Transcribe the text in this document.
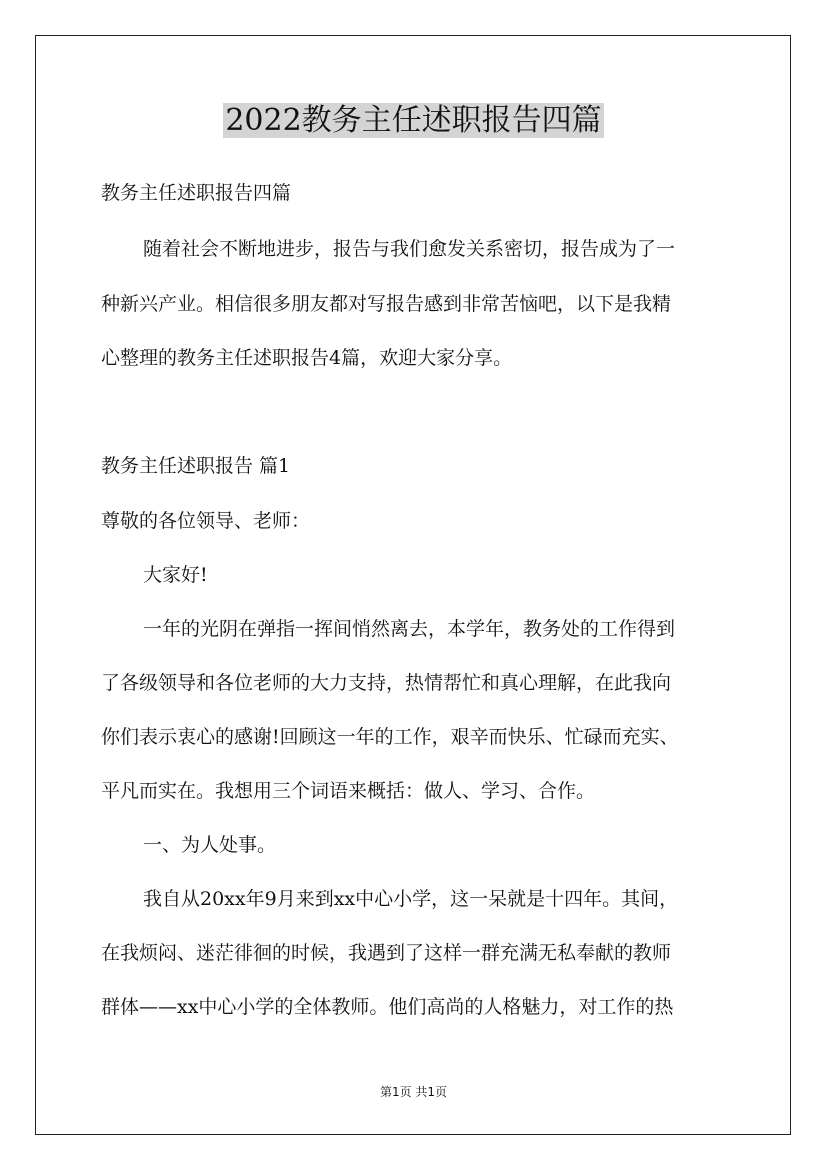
2022教务主任述职报告四篇

教务主任述职报告四篇

随着社会不断地进步，报告与我们愈发关系密切，报告成为了一

种新兴产业。相信很多朋友都对写报告感到非常苦恼吧，以下是我精

心整理的教务主任述职报告4篇，欢迎大家分享。

教务主任述职报告 篇1

尊敬的各位领导、老师：

大家好!

一年的光阴在弹指一挥间悄然离去，本学年，教务处的工作得到

了各级领导和各位老师的大力支持，热情帮忙和真心理解，在此我向

你们表示衷心的感谢!回顾这一年的工作，艰辛而快乐、忙碌而充实、

平凡而实在。我想用三个词语来概括：做人、学习、合作。

一、为人处事。

我自从20xx年9月来到xx中心小学，这一呆就是十四年。其间，

在我烦闷、迷茫徘徊的时候，我遇到了这样一群充满无私奉献的教师

群体——xx中心小学的全体教师。他们高尚的人格魅力，对工作的热

第1页 共1页
